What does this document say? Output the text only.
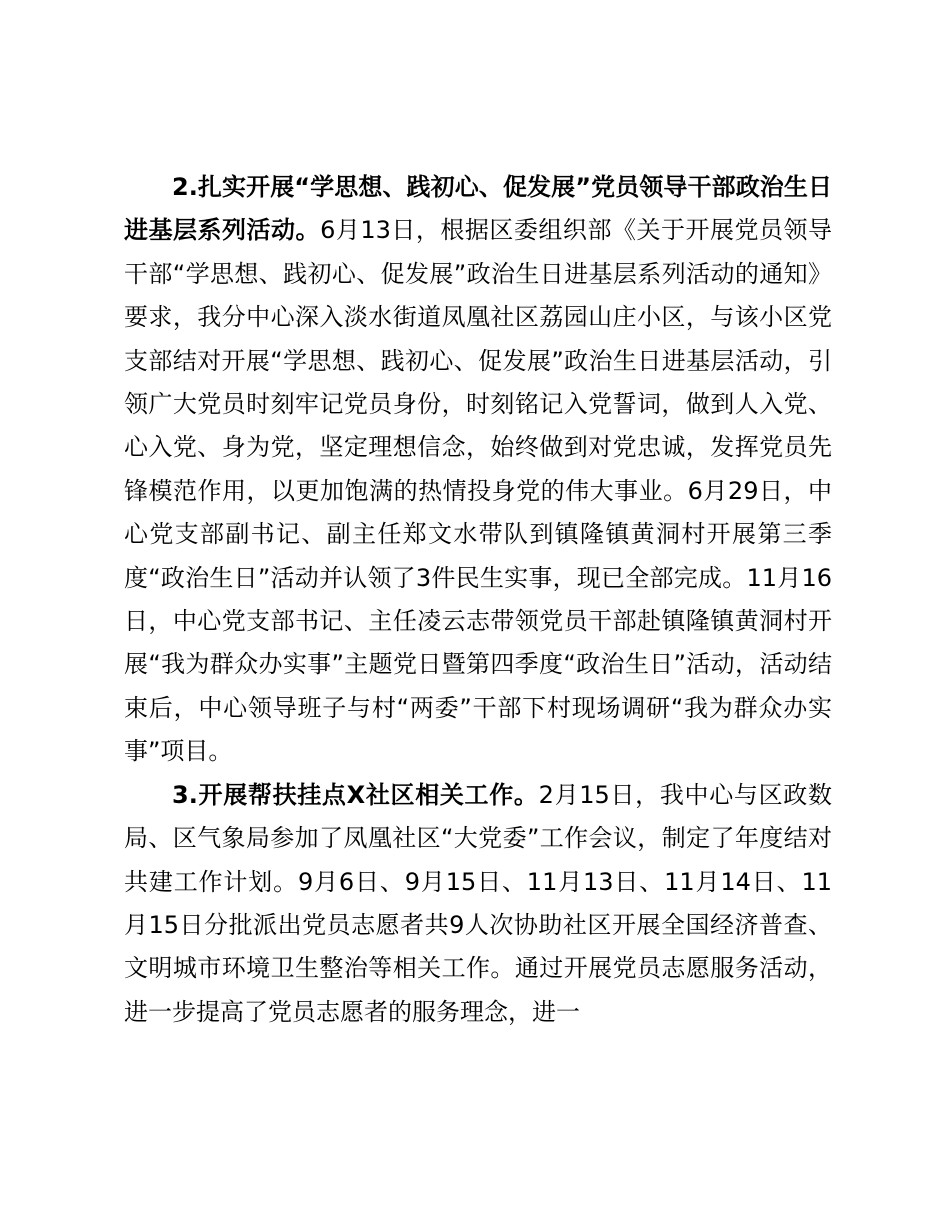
2.扎实开展“学思想、践初心、促发展”党员领导干部政治生日进基层系列活动。6月13日，根据区委组织部《关于开展党员领导干部“学思想、践初心、促发展”政治生日进基层系列活动的通知》要求，我分中心深入淡水街道凤凰社区荔园山庄小区，与该小区党支部结对开展“学思想、践初心、促发展”政治生日进基层活动，引领广大党员时刻牢记党员身份，时刻铭记入党誓词，做到人入党、心入党、身为党，坚定理想信念，始终做到对党忠诚，发挥党员先锋模范作用，以更加饱满的热情投身党的伟大事业。6月29日，中心党支部副书记、副主任郑文水带队到镇隆镇黄洞村开展第三季度“政治生日”活动并认领了3件民生实事，现已全部完成。11月16日，中心党支部书记、主任凌云志带领党员干部赴镇隆镇黄洞村开展“我为群众办实事”主题党日暨第四季度“政治生日”活动，活动结束后，中心领导班子与村“两委”干部下村现场调研“我为群众办实事”项目。

3.开展帮扶挂点X社区相关工作。2月15日，我中心与区政数局、区气象局参加了凤凰社区“大党委”工作会议，制定了年度结对共建工作计划。9月6日、9月15日、11月13日、11月14日、11月15日分批派出党员志愿者共9人次协助社区开展全国经济普查、文明城市环境卫生整治等相关工作。通过开展党员志愿服务活动，进一步提高了党员志愿者的服务理念，进一
